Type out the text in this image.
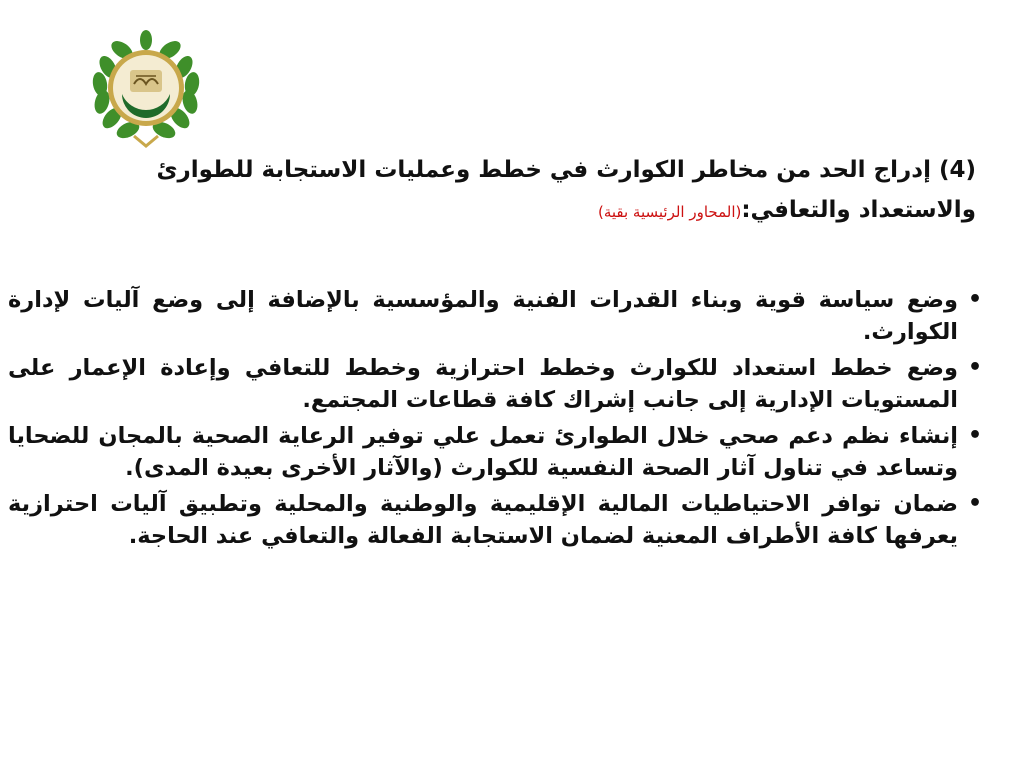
(4) إدراج الحد من مخاطر الكوارث في خطط وعمليات الاستجابة للطوارئ
والاستعداد والتعافي:(المحاور الرئيسية بقية)
• وضع سياسة قوية وبناء القدرات الفنية والمؤسسية بالإضافة إلى وضع آليات لإدارة الكوارث.
• وضع خطط استعداد للكوارث وخطط احترازية وخطط للتعافي وإعادة الإعمار على المستويات الإدارية إلى جانب إشراك كافة قطاعات المجتمع.
• إنشاء نظم دعم صحي خلال الطوارئ تعمل علي توفير الرعاية الصحية بالمجان للضحايا وتساعد في تناول آثار الصحة النفسية للكوارث (والآثار الأخرى بعيدة المدى).
• ضمان توافر الاحتياطيات المالية الإقليمية والوطنية والمحلية وتطبيق آليات احترازية يعرفها كافة الأطراف المعنية لضمان الاستجابة الفعالة والتعافي عند الحاجة.
